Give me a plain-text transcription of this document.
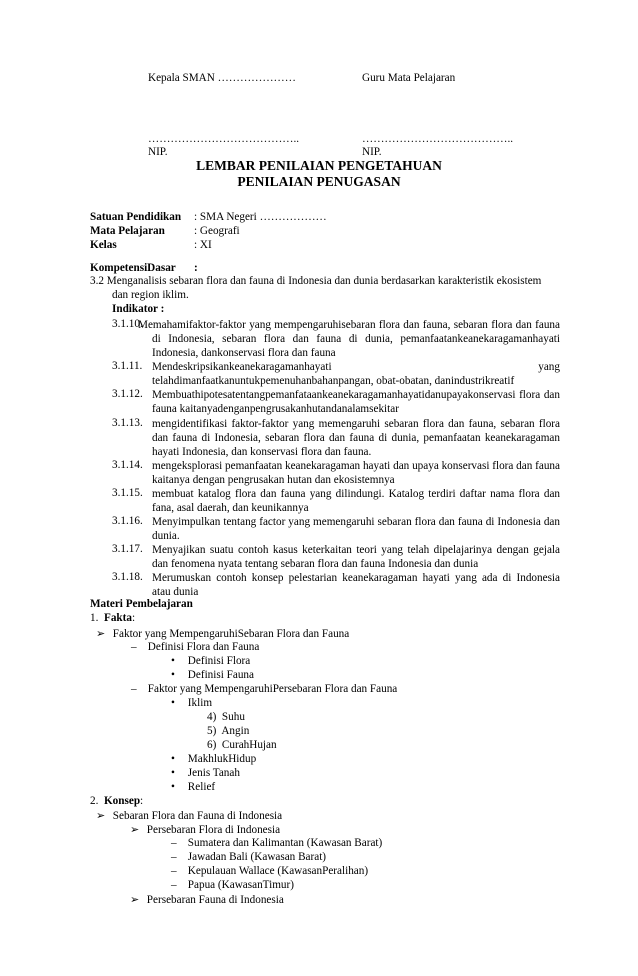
Kepala SMAN …………………	Guru Mata Pelajaran
…………………………………..	…………………………………..
NIP.	NIP.
LEMBAR PENILAIAN PENGETAHUAN
PENILAIAN PENUGASAN
Satuan Pendidikan : SMA Negeri ………………
Mata Pelajaran	: Geografi
Kelas	: XI
KompetensiDasar :
3.2 Menganalisis sebaran flora dan fauna di Indonesia dan dunia berdasarkan karakteristik ekosistem
dan region iklim.
Indikator :
3.1.10.
Memahamifaktor-faktor yang mempengaruhisebaran flora dan fauna, sebaran flora dan fauna di Indonesia, sebaran flora dan fauna di dunia, pemanfaatankeanekaragamanhayati Indonesia, dankonservasi flora dan fauna
3.1.11. Mendeskripsikankeanekaragamanhayati yang telahdimanfaatkanuntukpemenuhanbahanpangan, obat-obatan, danindustrikreatif
3.1.12. Membuathipotesatentangpemanfataankeanekaragamanhayatidanupayakonservasi flora dan fauna kaitanyadenganpengrusakanhutandanalamsekitar
3.1.13. mengidentifikasi faktor-faktor yang memengaruhi sebaran flora dan fauna, sebaran flora dan fauna di Indonesia, sebaran flora dan fauna di dunia, pemanfaatan keanekaragaman hayati Indonesia, dan konservasi flora dan fauna.
3.1.14. mengeksplorasi pemanfaatan keanekaragaman hayati dan upaya konservasi flora dan fauna kaitanya dengan pengrusakan hutan dan ekosistemnya
3.1.15. membuat katalog flora dan fauna yang dilindungi. Katalog terdiri daftar nama flora dan fana, asal daerah, dan keunikannya
3.1.16. Menyimpulkan tentang factor yang memengaruhi sebaran flora dan fauna di Indonesia dan dunia.
3.1.17. Menyajikan suatu contoh kasus keterkaitan teori yang telah dipelajarinya dengan gejala dan fenomena nyata tentang sebaran flora dan fauna Indonesia dan dunia
3.1.18. Merumuskan contoh konsep pelestarian keanekaragaman hayati yang ada di Indonesia atau dunia
Materi Pembelajaran
1. Fakta:
➢ Faktor yang MempengaruhiSebaran Flora dan Fauna
– Definisi Flora dan Fauna
• Definisi Flora
• Definisi Fauna
– Faktor yang MempengaruhiPersebaran Flora dan Fauna
• Iklim
4) Suhu
5) Angin
6) CurahHujan
• MakhlukHidup
• Jenis Tanah
• Relief
2. Konsep:
➢ Sebaran Flora dan Fauna di Indonesia
➢ Persebaran Flora di Indonesia
– Sumatera dan Kalimantan (Kawasan Barat)
– Jawadan Bali (Kawasan Barat)
– Kepulauan Wallace (KawasanPeralihan)
– Papua (KawasanTimur)
➢ Persebaran Fauna di Indonesia
